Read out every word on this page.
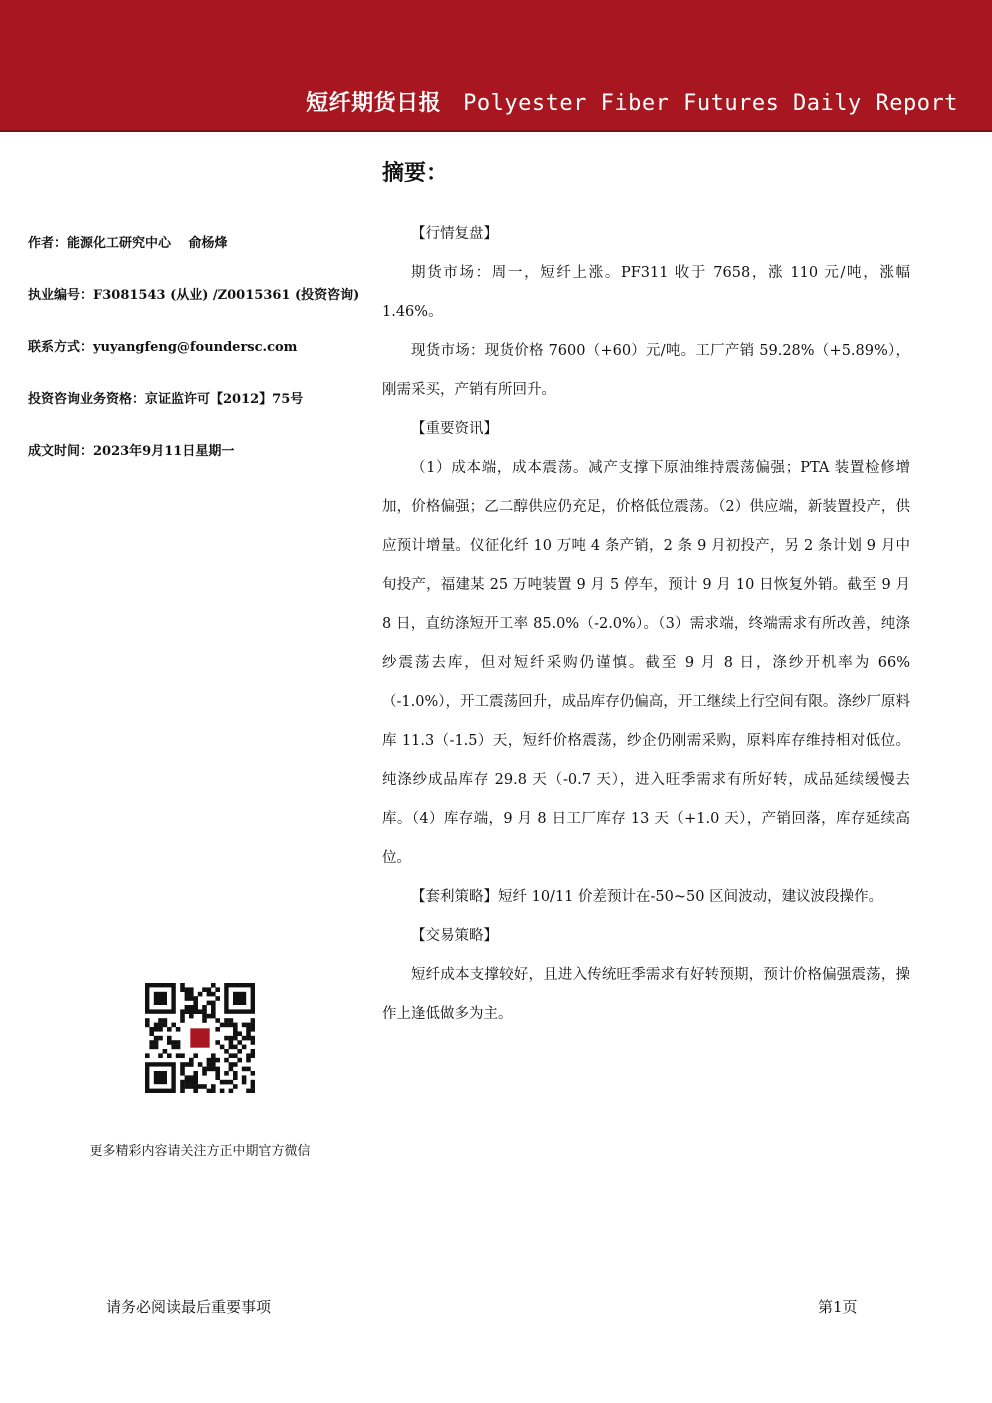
短纤期货日报 Polyester Fiber Futures Daily Report
作者：能源化工研究中心　 俞杨烽
执业编号：F3081543 (从业) /Z0015361 (投资咨询)
联系方式：yuyangfeng@foundersc.com
投资咨询业务资格：京证监许可【2012】75号
成文时间：2023年9月11日星期一
更多精彩内容请关注方正中期官方微信
摘要：

【行情复盘】

期货市场：周一，短纤上涨。PF311 收于 7658，涨 110 元/吨，涨幅 1.46%。

现货市场：现货价格 7600（+60）元/吨。工厂产销 59.28%（+5.89%），刚需采买，产销有所回升。

【重要资讯】

（1）成本端，成本震荡。减产支撑下原油维持震荡偏强；PTA 装置检修增加，价格偏强；乙二醇供应仍充足，价格低位震荡。（2）供应端，新装置投产，供应预计增量。仪征化纤 10 万吨 4 条产销，2 条 9 月初投产，另 2 条计划 9 月中旬投产，福建某 25 万吨装置 9 月 5 停车，预计 9 月 10 日恢复外销。截至 9 月 8 日，直纺涤短开工率 85.0%（-2.0%）。（3）需求端，终端需求有所改善，纯涤纱震荡去库，但对短纤采购仍谨慎。截至 9 月 8 日，涤纱开机率为 66%（-1.0%），开工震荡回升，成品库存仍偏高，开工继续上行空间有限。涤纱厂原料库 11.3（-1.5）天，短纤价格震荡，纱企仍刚需采购，原料库存维持相对低位。纯涤纱成品库存 29.8 天（-0.7 天），进入旺季需求有所好转，成品延续缓慢去库。（4）库存端，9 月 8 日工厂库存 13 天（+1.0 天），产销回落，库存延续高位。

【套利策略】短纤 10/11 价差预计在-50~50 区间波动，建议波段操作。

【交易策略】

短纤成本支撑较好，且进入传统旺季需求有好转预期，预计价格偏强震荡，操作上逢低做多为主。

请务必阅读最后重要事项	第1页
